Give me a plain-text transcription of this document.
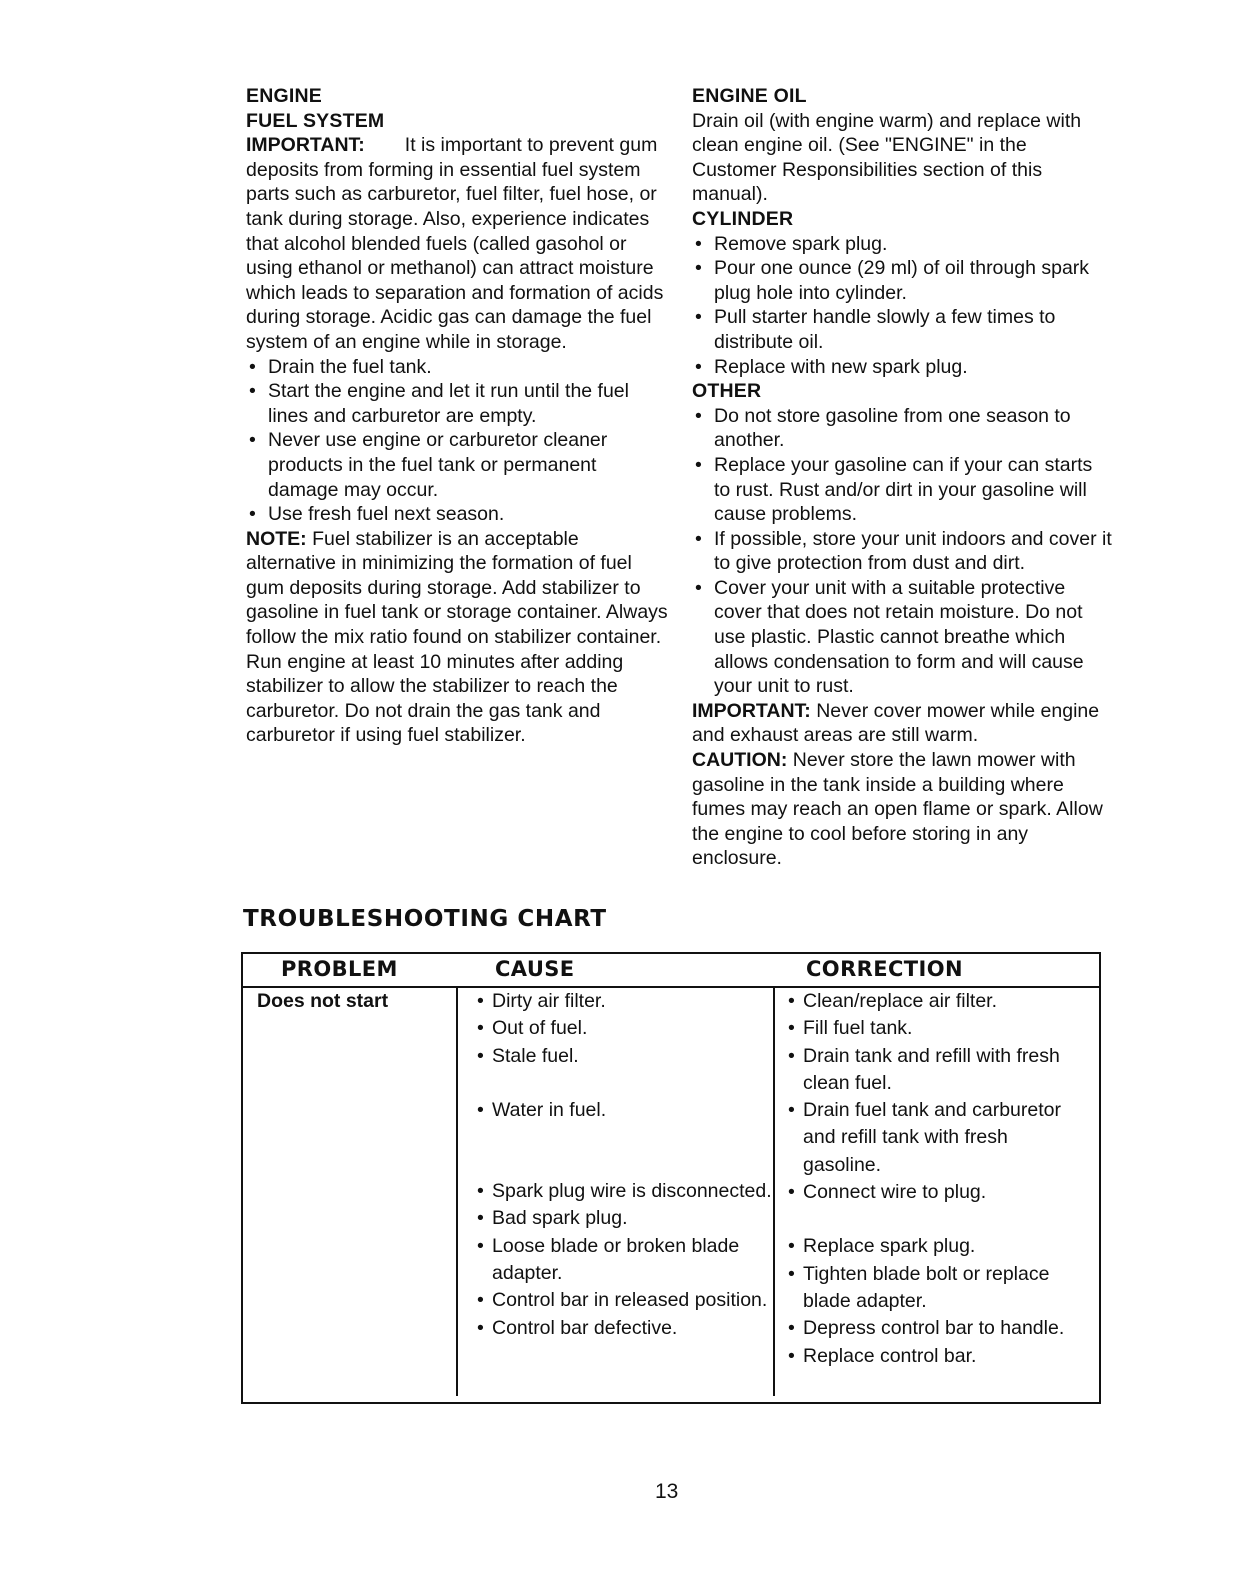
ENGINE

FUEL SYSTEM

IMPORTANT: It is important to prevent gum deposits from forming in essential fuel system parts such as carburetor, fuel filter, fuel hose, or tank during storage. Also, experience indicates that alcohol blended fuels (called gasohol or using ethanol or methanol) can attract moisture which leads to separation and formation of acids during storage. Acidic gas can damage the fuel system of an engine while in storage.

• Drain the fuel tank.
• Start the engine and let it run until the fuel lines and carburetor are empty.
• Never use engine or carburetor cleaner products in the fuel tank or permanent damage may occur.
• Use fresh fuel next season.

NOTE: Fuel stabilizer is an acceptable alternative in minimizing the formation of fuel gum deposits during storage. Add stabilizer to gasoline in fuel tank or storage container. Always follow the mix ratio found on stabilizer container. Run engine at least 10 minutes after adding stabilizer to allow the stabilizer to reach the carburetor. Do not drain the gas tank and carburetor if using fuel stabilizer.

ENGINE OIL

Drain oil (with engine warm) and replace with clean engine oil. (See "ENGINE" in the Customer Responsibilities section of this manual).

CYLINDER

• Remove spark plug.
• Pour one ounce (29 ml) of oil through spark plug hole into cylinder.
• Pull starter handle slowly a few times to distribute oil.
• Replace with new spark plug.

OTHER

• Do not store gasoline from one season to another.
• Replace your gasoline can if your can starts to rust. Rust and/or dirt in your gasoline will cause problems.
• If possible, store your unit indoors and cover it to give protection from dust and dirt.
• Cover your unit with a suitable protective cover that does not retain moisture. Do not use plastic. Plastic cannot breathe which allows condensation to form and will cause your unit to rust.

IMPORTANT: Never cover mower while engine and exhaust areas are still warm.

CAUTION: Never store the lawn mower with gasoline in the tank inside a building where fumes may reach an open flame or spark. Allow the engine to cool before storing in any enclosure.

TROUBLESHOOTING CHART
PROBLEM	CAUSE	CORRECTION
Does not start
•	Dirty air filter.
• Out of fuel.
• Stale fuel.
• Water in fuel.
• Spark plug wire is disconnected.
• Bad spark plug.
• Loose blade or broken blade adapter.
• Control bar in released position.
• Control bar defective.
• Clean/replace air filter.
• Fill fuel tank.
• Drain tank and refill with fresh clean fuel.
• Drain fuel tank and carburetor and refill tank with fresh gasoline.
• Connect wire to plug.
• Replace spark plug.
• Tighten blade bolt or replace blade adapter.
• Depress control bar to handle.
• Replace control bar.
13
